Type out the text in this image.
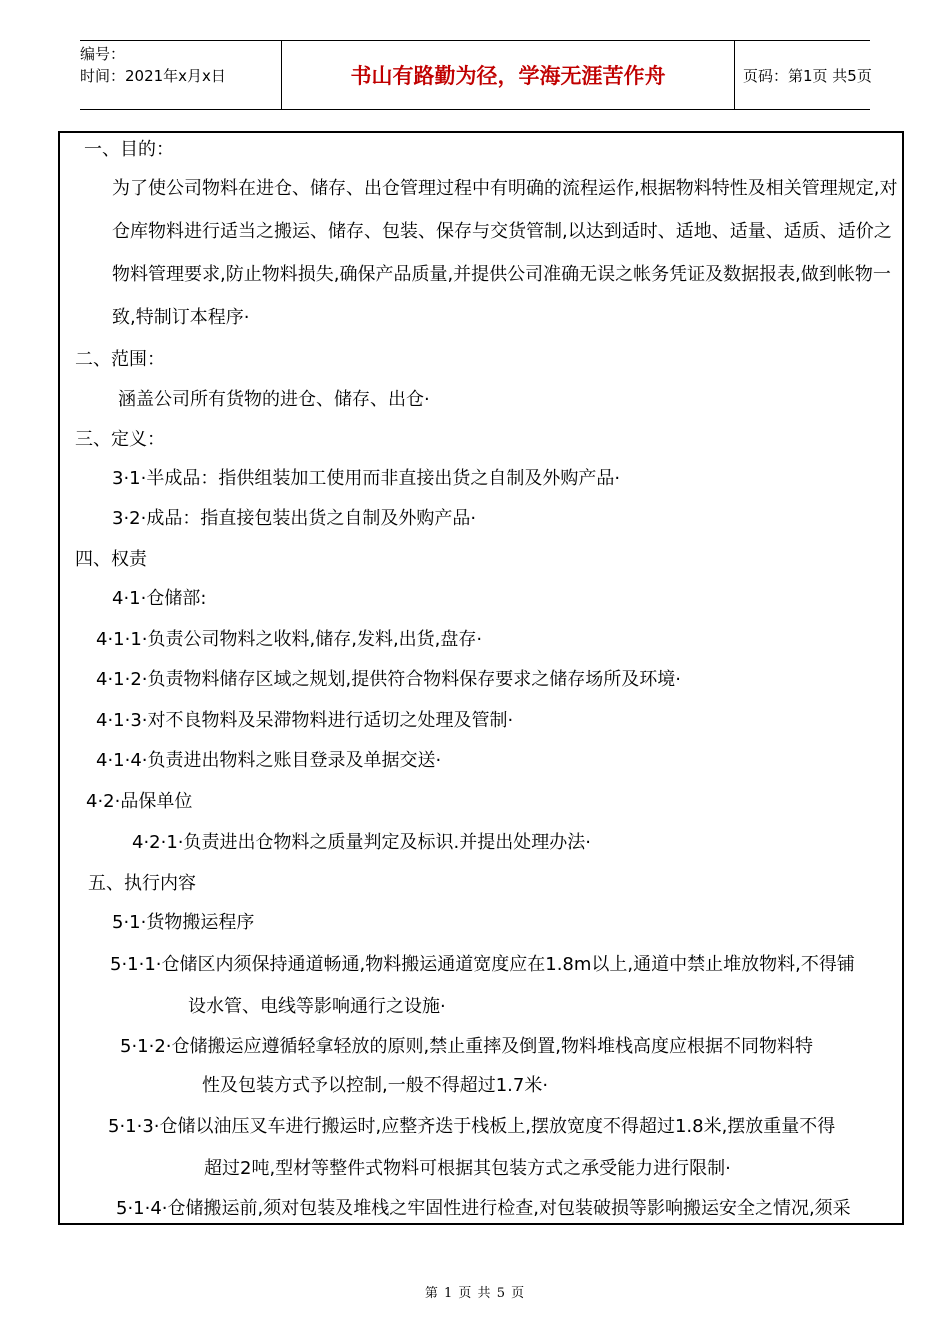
编号：
时间：2021年x月x日	书山有路勤为径，学海无涯苦作舟	页码：第1页 共5页
一、目的：
为了使公司物料在进仓、储存、出仓管理过程中有明确的流程运作,根据物料特性及相关管理规定,对仓库物料进行适当之搬运、储存、包装、保存与交货管制,以达到适时、适地、适量、适质、适价之物料管理要求,防止物料损失,确保产品质量,并提供公司准确无误之帐务凭证及数据报表,做到帐物一致,特制订本程序·
二、范围：
涵盖公司所有货物的进仓、储存、出仓·
三、定义：
3·1·半成品：指供组装加工使用而非直接出货之自制及外购产品·
3·2·成品：指直接包装出货之自制及外购产品·
四、权责
4·1·仓储部:
4·1·1·负责公司物料之收料,储存,发料,出货,盘存·
4·1·2·负责物料储存区域之规划,提供符合物料保存要求之储存场所及环境·
4·1·3·对不良物料及呆滞物料进行适切之处理及管制·
4·1·4·负责进出物料之账目登录及单据交送·
4·2·品保单位
4·2·1·负责进出仓物料之质量判定及标识.并提出处理办法·
五、执行内容
5·1·货物搬运程序
5·1·1·仓储区内须保持通道畅通,物料搬运通道宽度应在1.8m以上,通道中禁止堆放物料,不得铺
设水管、电线等影响通行之设施·
5·1·2·仓储搬运应遵循轻拿轻放的原则,禁止重摔及倒置,物料堆栈高度应根据不同物料特
性及包装方式予以控制,一般不得超过1.7米·
5·1·3·仓储以油压叉车进行搬运时,应整齐迭于栈板上,摆放宽度不得超过1.8米,摆放重量不得
超过2吨,型材等整件式物料可根据其包装方式之承受能力进行限制·
5·1·4·仓储搬运前,须对包装及堆栈之牢固性进行检查,对包装破损等影响搬运安全之情况,须采
第 1 页 共 5 页
